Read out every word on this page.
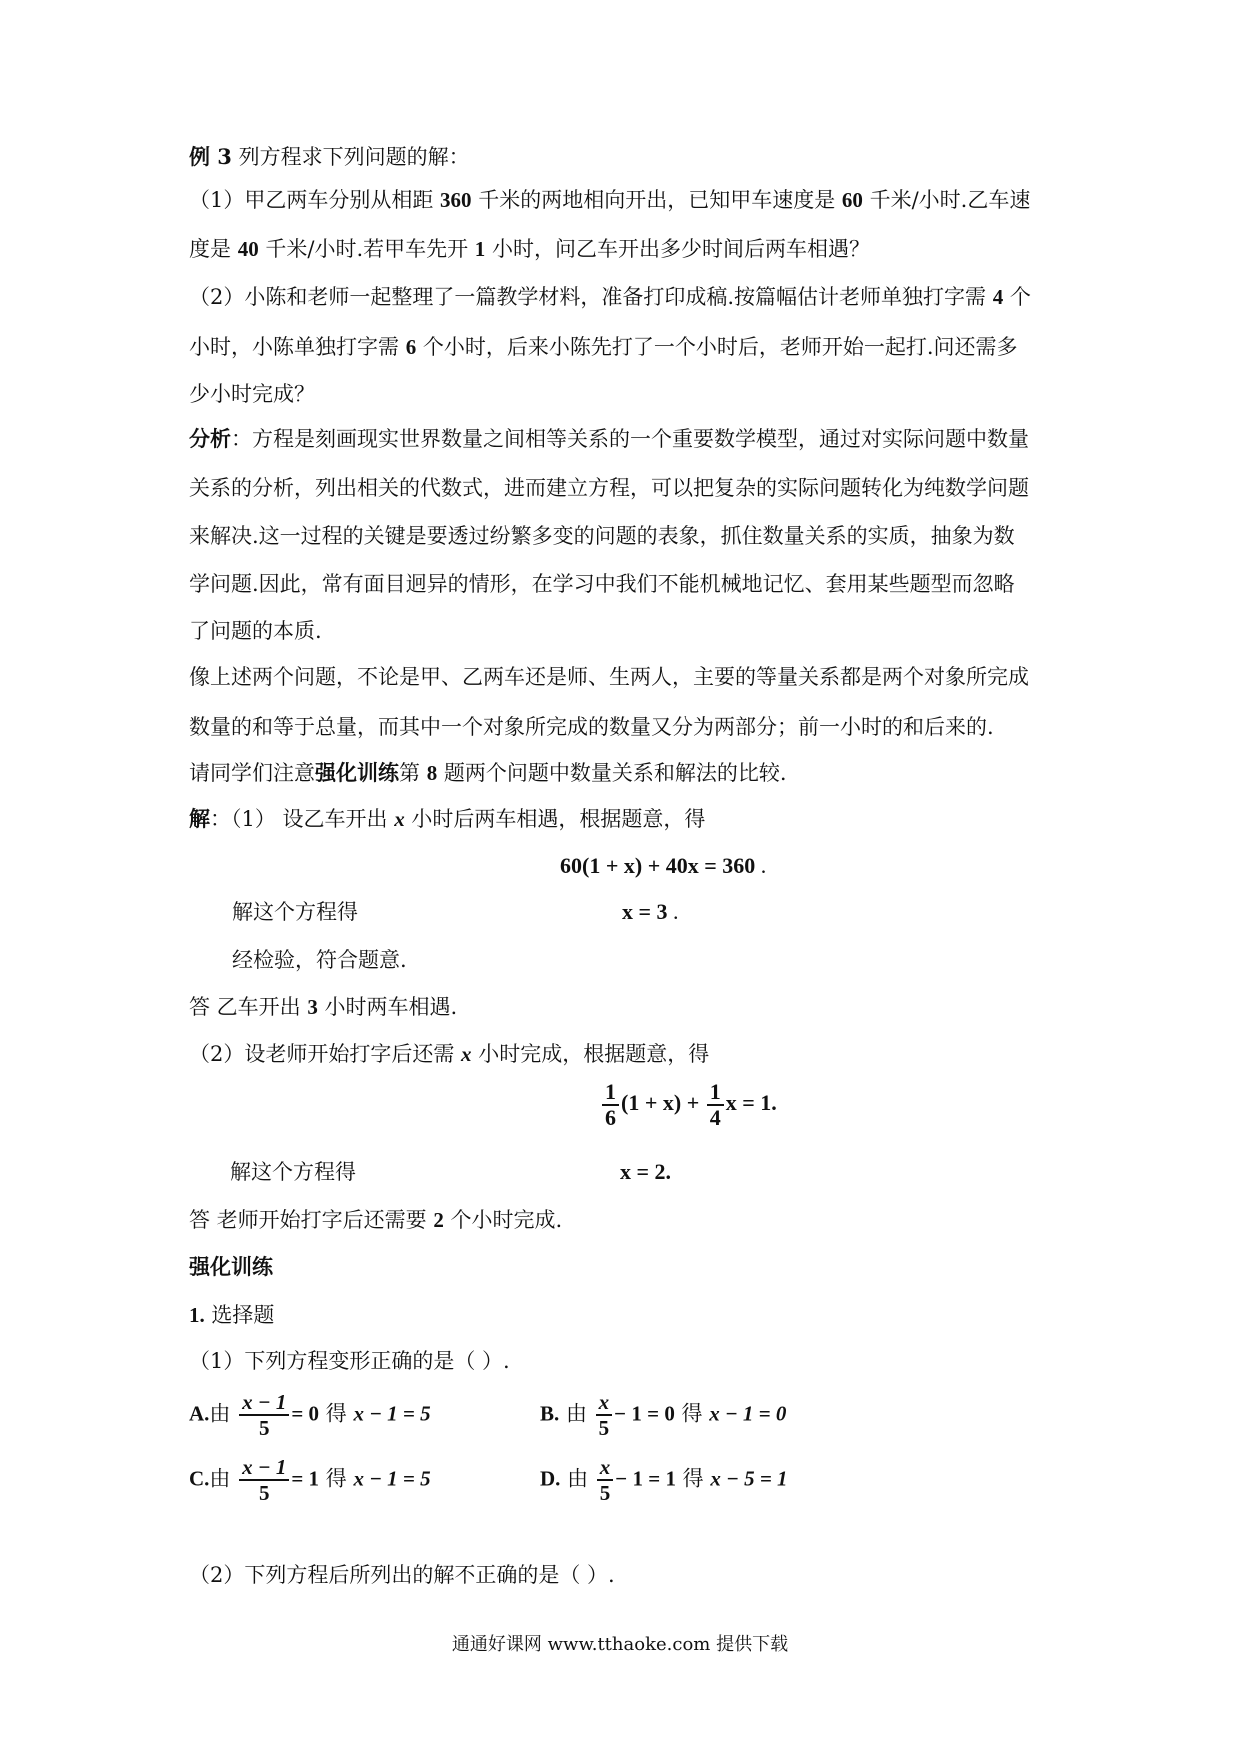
例 3 列方程求下列问题的解：
（1）甲乙两车分别从相距 360 千米的两地相向开出，已知甲车速度是 60 千米/小时.乙车速
度是 40 千米/小时.若甲车先开 1 小时，问乙车开出多少时间后两车相遇？
（2）小陈和老师一起整理了一篇教学材料，准备打印成稿.按篇幅估计老师单独打字需 4 个
小时，小陈单独打字需 6 个小时，后来小陈先打了一个小时后，老师开始一起打.问还需多
少小时完成？
分析：方程是刻画现实世界数量之间相等关系的一个重要数学模型，通过对实际问题中数量
关系的分析，列出相关的代数式，进而建立方程，可以把复杂的实际问题转化为纯数学问题
来解决.这一过程的关键是要透过纷繁多变的问题的表象，抓住数量关系的实质，抽象为数
学问题.因此，常有面目迥异的情形，在学习中我们不能机械地记忆、套用某些题型而忽略
了问题的本质.
像上述两个问题，不论是甲、乙两车还是师、生两人，主要的等量关系都是两个对象所完成
数量的和等于总量，而其中一个对象所完成的数量又分为两部分；前一小时的和后来的.
请同学们注意强化训练第 8 题两个问题中数量关系和解法的比较.
解：（1） 设乙车开出 x 小时后两车相遇，根据题意，得
60(1 + x) + 40x = 360 .
解这个方程得	x = 3 .
经检验，符合题意.
答 乙车开出 3 小时两车相遇.
（2）设老师开始打字后还需 x 小时完成，根据题意，得
$\frac{1}{6} (1 + x) + \frac{1}{4}$ x = 1.
解这个方程得	x = 2.
答 老师开始打字后还需要 2 个小时完成.
强化训练
1. 选择题
（1）下列方程变形正确的是（ ）.
A.由 $\frac{x - 1}{5} = 0$ 得 x − 1 = 5	B. 由 $\frac{x}{5} - 1 = 0$ 得 x − 1 = 0
C.由 $\frac{x - 1}{5} = 1$ 得 x − 1 = 5	D. 由 $\frac{x}{5} - 1 = 1$ 得 x − 5 = 1
（2）下列方程后所列出的解不正确的是（ ）.
通通好课网 www.tthaoke.com 提供下载
